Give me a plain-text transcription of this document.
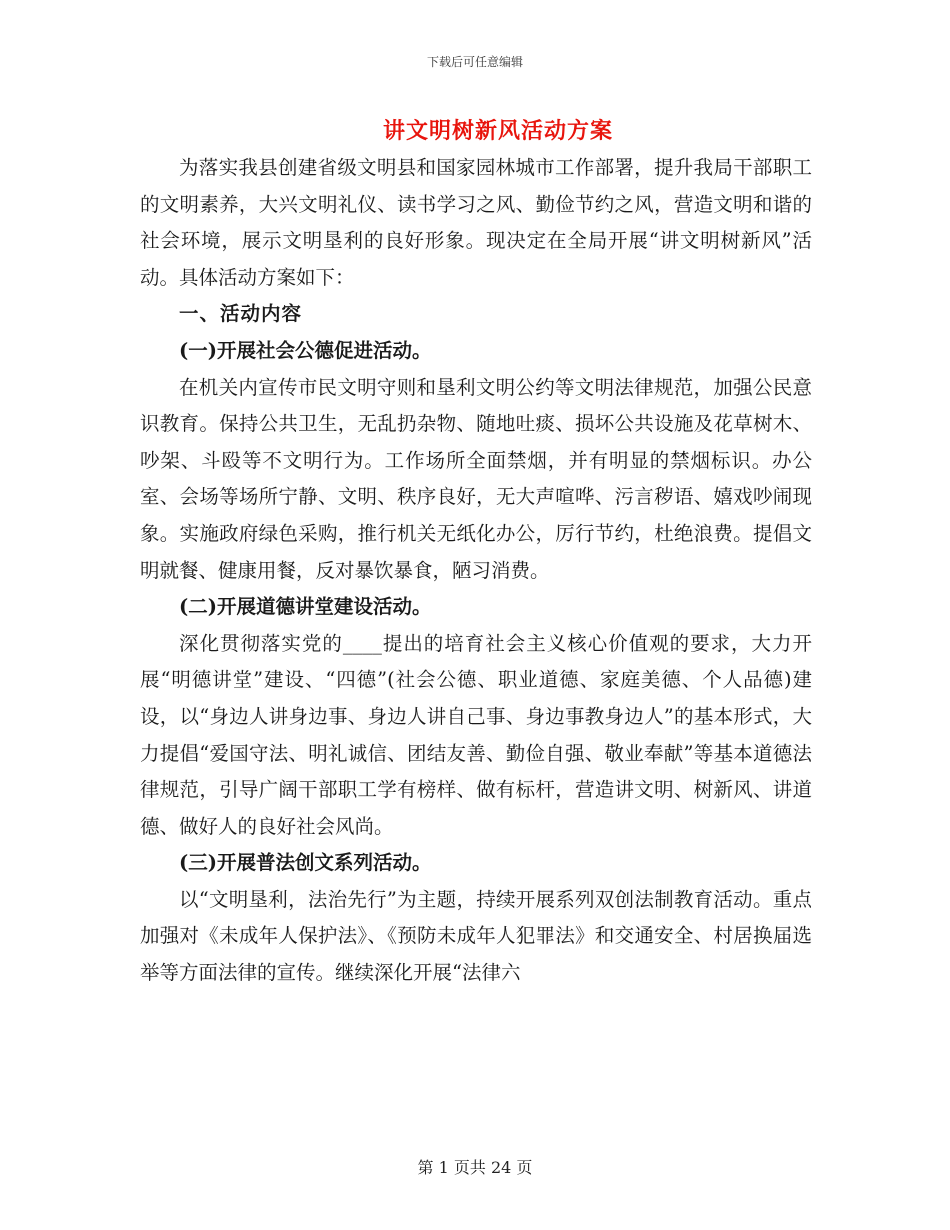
下载后可任意编辑
讲文明树新风活动方案

为落实我县创建省级文明县和国家园林城市工作部署，提升我局干部职工的文明素养，大兴文明礼仪、读书学习之风、勤俭节约之风，营造文明和谐的社会环境，展示文明垦利的良好形象。现决定在全局开展“讲文明树新风”活动。具体活动方案如下：

一、活动内容

(一)开展社会公德促进活动。

在机关内宣传市民文明守则和垦利文明公约等文明法律规范，加强公民意识教育。保持公共卫生，无乱扔杂物、随地吐痰、损坏公共设施及花草树木、吵架、斗殴等不文明行为。工作场所全面禁烟，并有明显的禁烟标识。办公室、会场等场所宁静、文明、秩序良好，无大声喧哗、污言秽语、嬉戏吵闹现象。实施政府绿色采购，推行机关无纸化办公，厉行节约，杜绝浪费。提倡文明就餐、健康用餐，反对暴饮暴食，陋习消费。

(二)开展道德讲堂建设活动。

深化贯彻落实党的____提出的培育社会主义核心价值观的要求，大力开展“明德讲堂”建设、“四德”(社会公德、职业道德、家庭美德、个人品德)建设，以“身边人讲身边事、身边人讲自己事、身边事教身边人”的基本形式，大力提倡“爱国守法、明礼诚信、团结友善、勤俭自强、敬业奉献”等基本道德法律规范，引导广阔干部职工学有榜样、做有标杆，营造讲文明、树新风、讲道德、做好人的良好社会风尚。

(三)开展普法创文系列活动。

以“文明垦利，法治先行”为主题，持续开展系列双创法制教育活动。重点加强对《未成年人保护法》、《预防未成年人犯罪法》和交通安全、村居换届选举等方面法律的宣传。继续深化开展“法律六

第 1 页共 24 页
